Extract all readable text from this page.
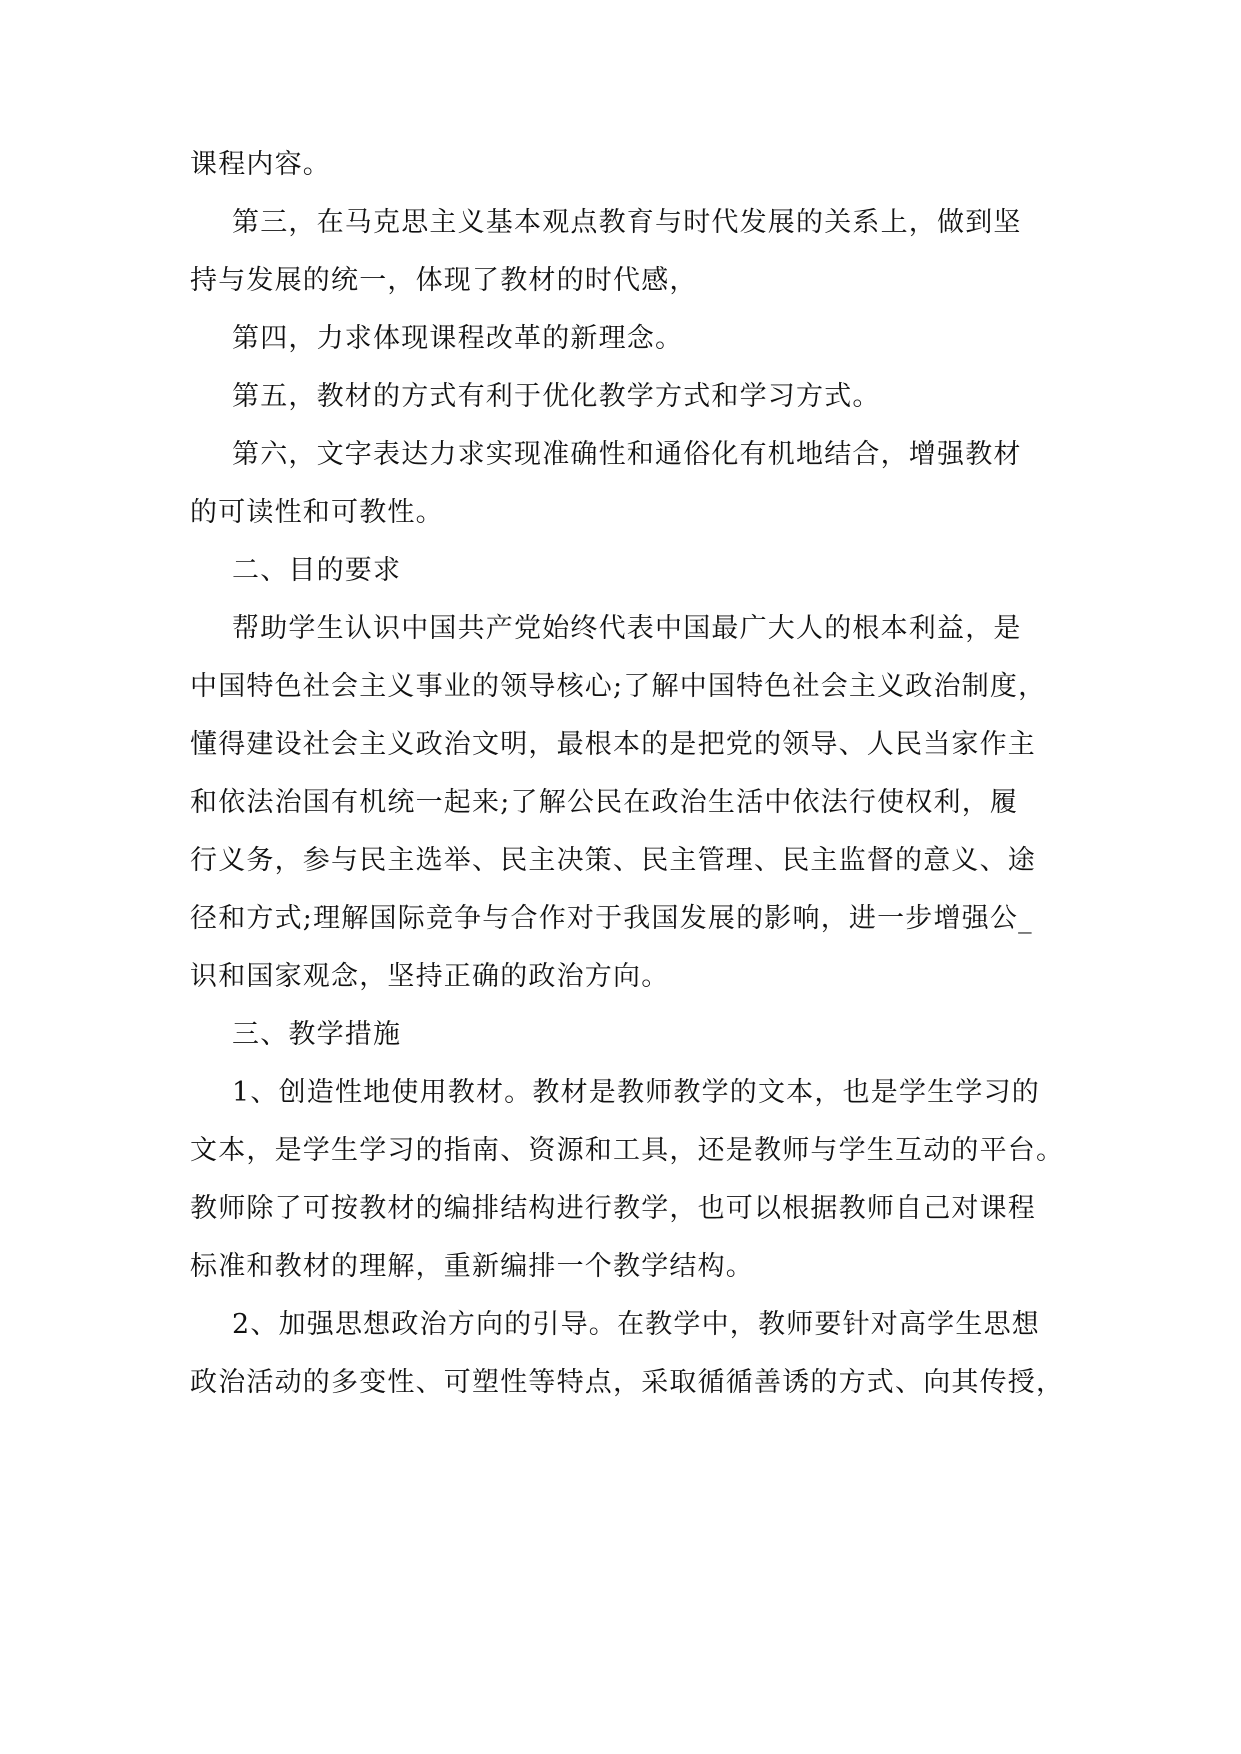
课程内容。
第三，在马克思主义基本观点教育与时代发展的关系上，做到坚
持与发展的统一，体现了教材的时代感，
第四，力求体现课程改革的新理念。
第五，教材的方式有利于优化教学方式和学习方式。
第六，文字表达力求实现准确性和通俗化有机地结合，增强教材
的可读性和可教性。
二、目的要求
帮助学生认识中国共产党始终代表中国最广大人的根本利益，是
中国特色社会主义事业的领导核心;了解中国特色社会主义政治制度，
懂得建设社会主义政治文明，最根本的是把党的领导、人民当家作主
和依法治国有机统一起来;了解公民在政治生活中依法行使权利，履
行义务，参与民主选举、民主决策、民主管理、民主监督的意义、途
径和方式;理解国际竞争与合作对于我国发展的影响，进一步增强公_
识和国家观念，坚持正确的政治方向。
三、教学措施
1、创造性地使用教材。教材是教师教学的文本，也是学生学习的
文本，是学生学习的指南、资源和工具，还是教师与学生互动的平台。
教师除了可按教材的编排结构进行教学，也可以根据教师自己对课程
标准和教材的理解，重新编排一个教学结构。
2、加强思想政治方向的引导。在教学中，教师要针对高学生思想
政治活动的多变性、可塑性等特点，采取循循善诱的方式、向其传授，
